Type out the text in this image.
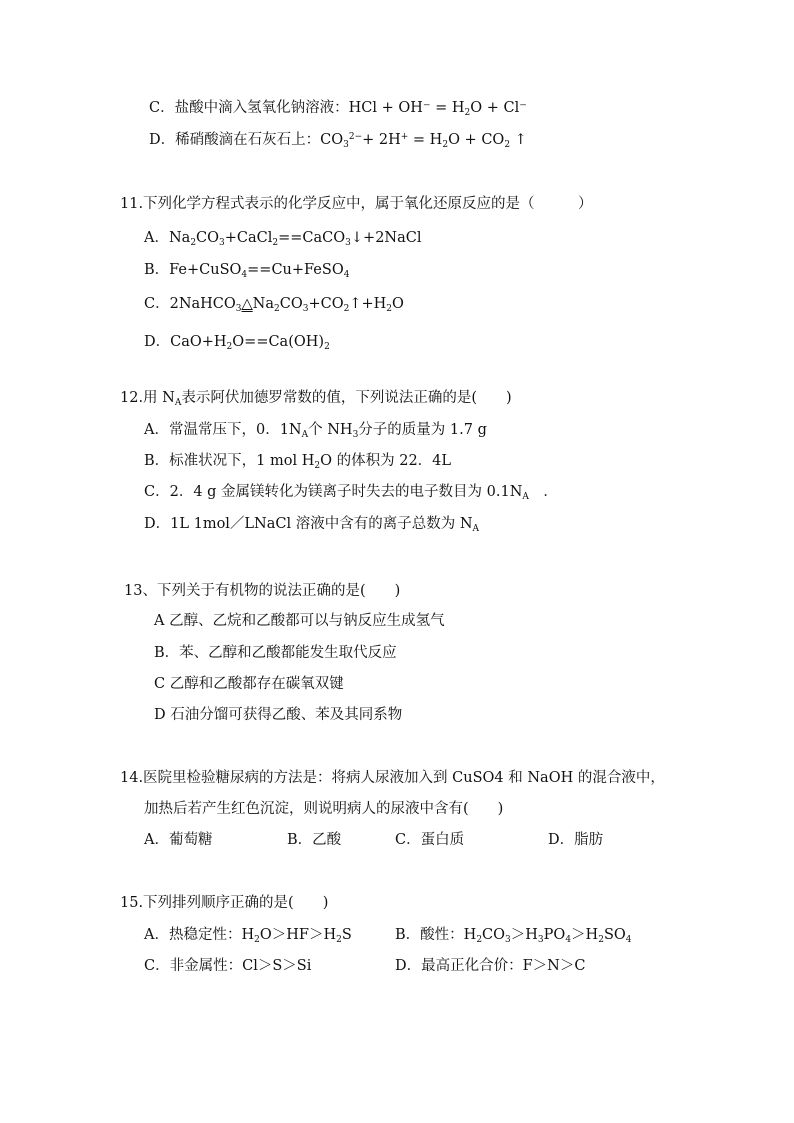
C．盐酸中滴入氢氧化钠溶液：HCl + $OH^- = H_2O + Cl^-$
D．稀硝酸滴在石灰石上：$CO_3^{2-}+ 2H^+ = H_2O + CO_2$ ↑
11.下列化学方程式表示的化学反应中，属于氧化还原反应的是（　　　）
A．$Na_2CO_3+CaCl_2==CaCO_3↓+2NaCl$
B．Fe+CuSO$_4$==Cu+FeSO$_4$
C．$2NaHCO_3\triangle Na_2CO_3+CO_2↑+H_2O$
D．$CaO+H_2O==Ca(OH)_2$
12.用 $N_A$表示阿伏加德罗常数的值，下列说法正确的是(　　)
A．常温常压下，0．$1N_A$个 $NH_3$分子的质量为 1.7 g
B．标准状况下，1 mol $H_2O$ 的体积为 22．4L
C．2．4 g 金属镁转化为镁离子时失去的电子数目为 $0.1N_A$　．
D．1L 1mol／LNaCl 溶液中含有的离子总数为 $N_A$
13、下列关于有机物的说法正确的是(　　)
A 乙醇、乙烷和乙酸都可以与钠反应生成氢气
B．苯、乙醇和乙酸都能发生取代反应
C 乙醇和乙酸都存在碳氧双键
D 石油分馏可获得乙酸、苯及其同系物
14.医院里检验糖尿病的方法是：将病人尿液加入到 CuSO4 和 NaOH 的混合液中，
加热后若产生红色沉淀，则说明病人的尿液中含有(　　)
A．葡萄糖	B．乙酸	C．蛋白质	D．脂肪
15.下列排列顺序正确的是(　　)
A．热稳定性：$H_2O>HF>H_2S$	B．酸性：$H_2CO_3>H_3PO_4>H_2SO_4$
C．非金属性：Cl＞S＞Si	D．最高正化合价：F＞N＞C
